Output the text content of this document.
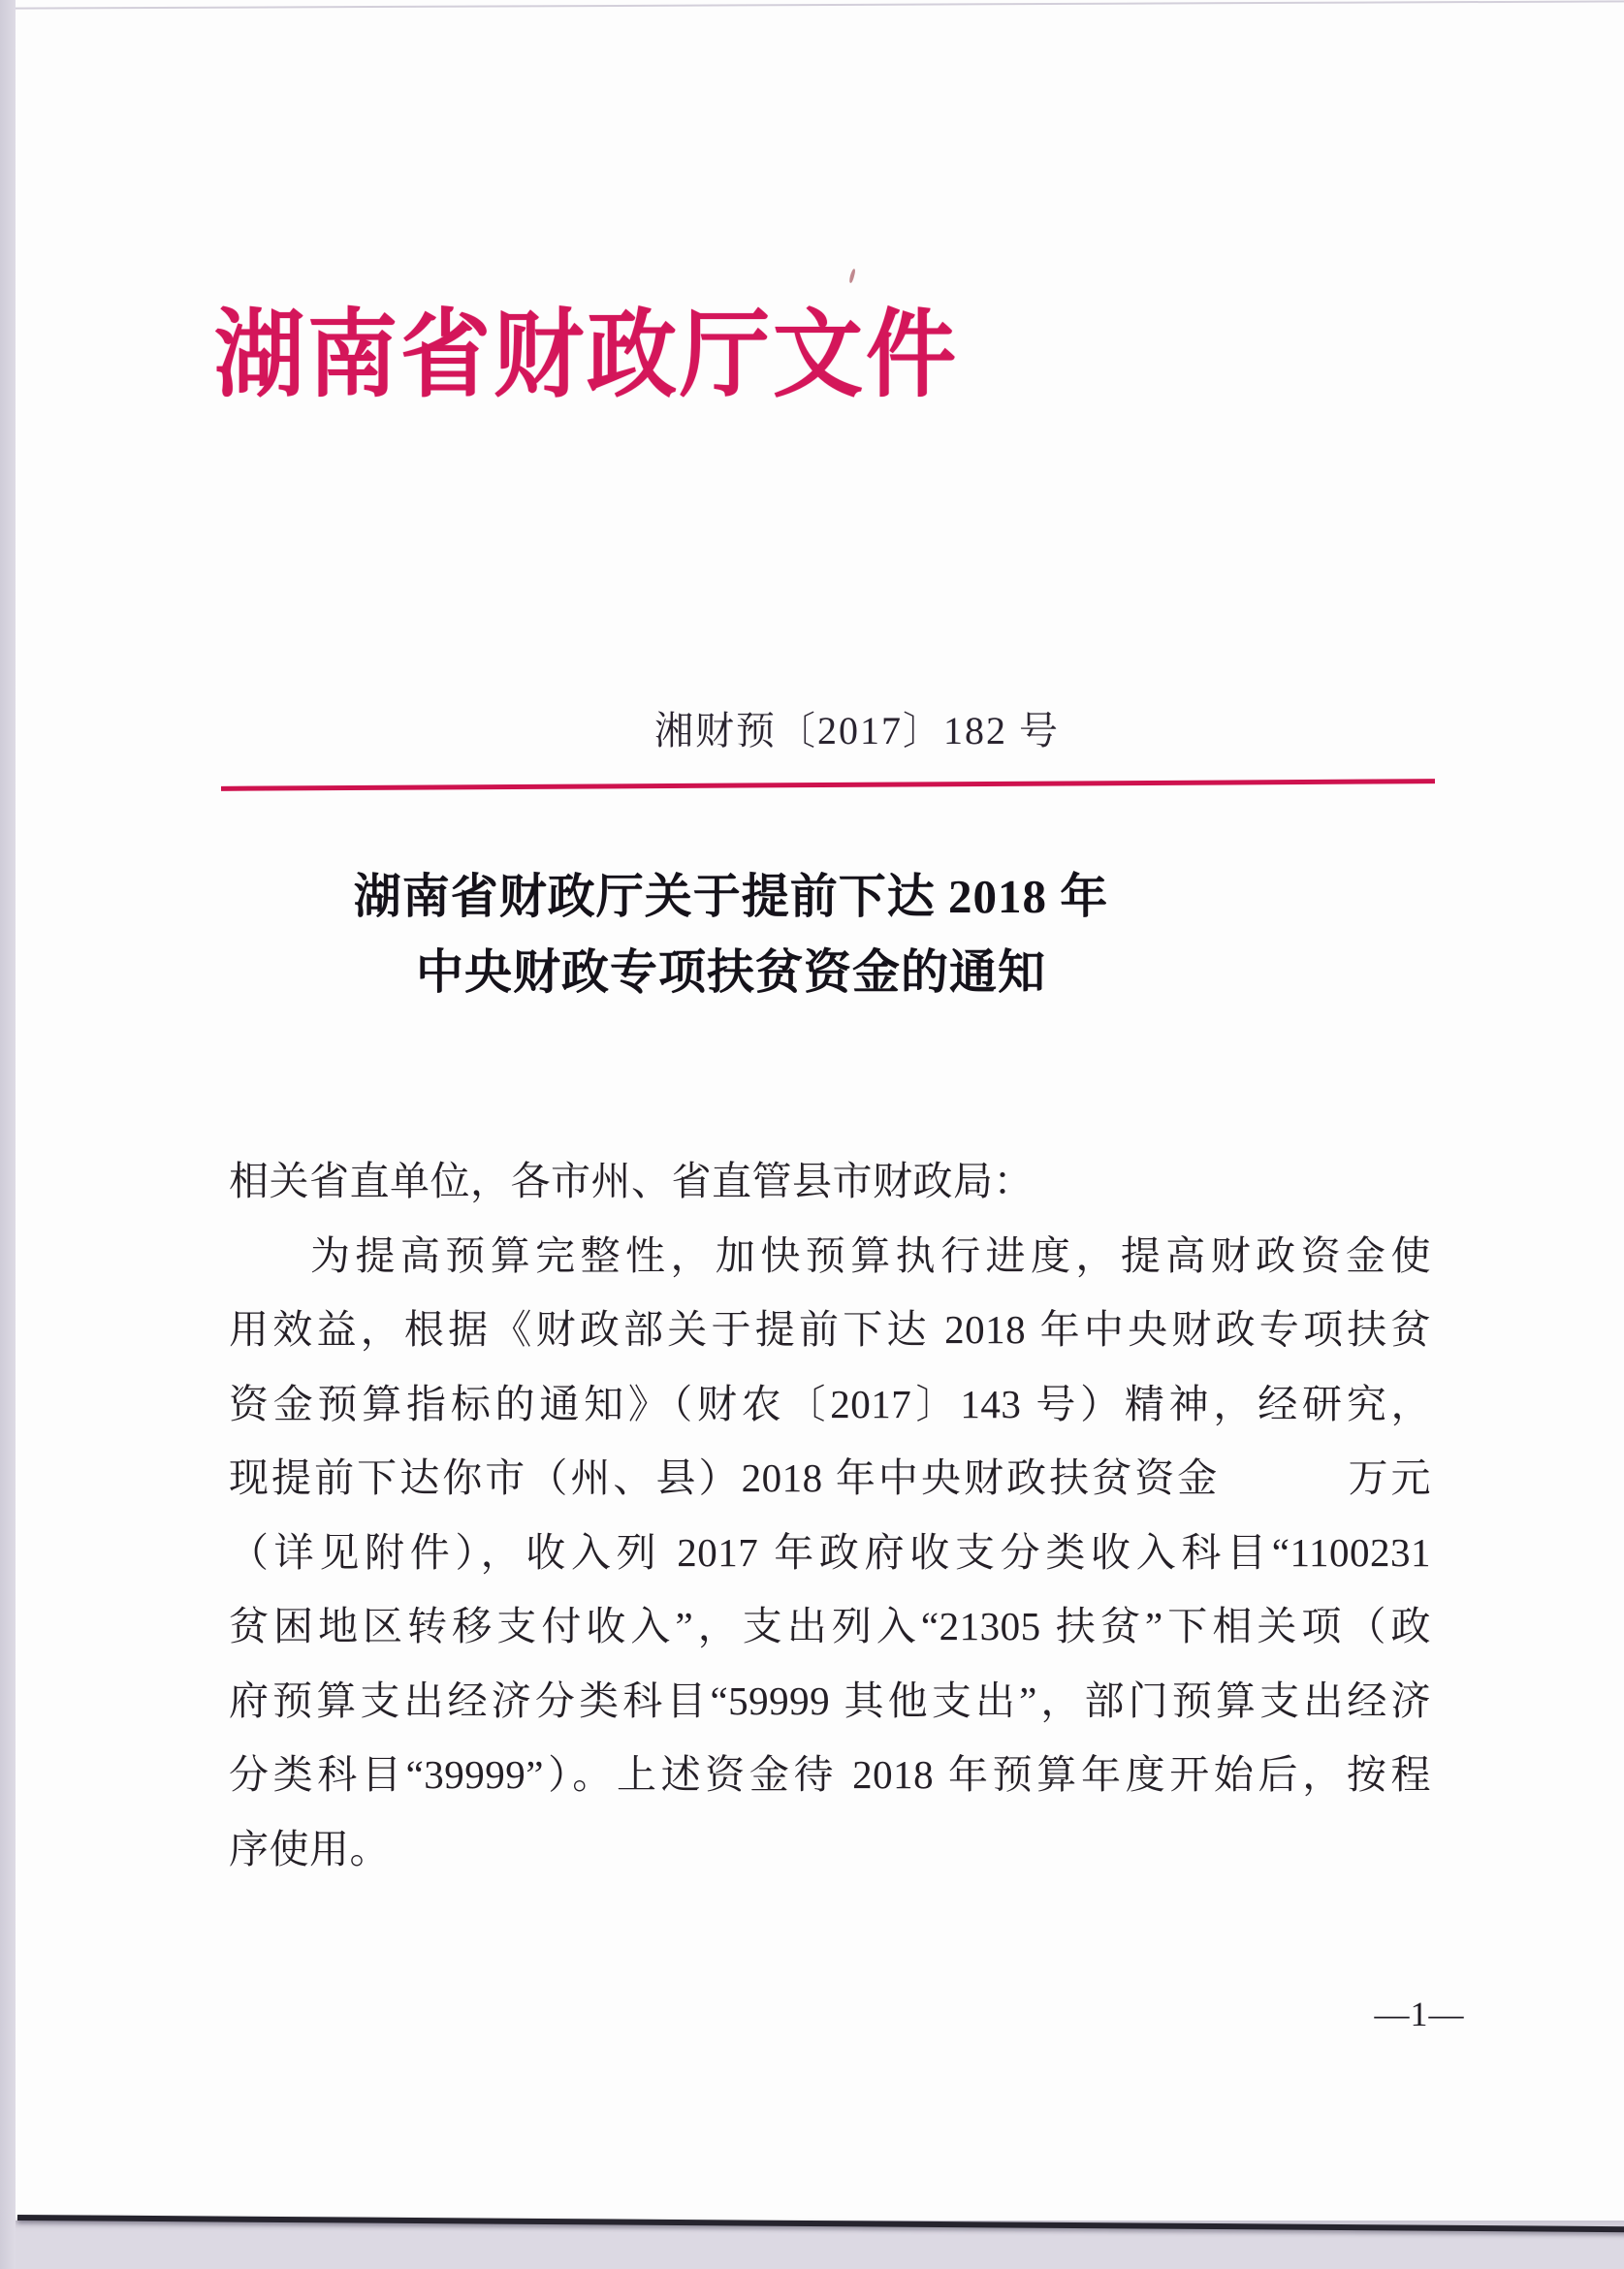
湖南省财政厅文件
湘财预〔2017〕182 号
湖南省财政厅关于提前下达 2018 年
中央财政专项扶贫资金的通知
相关省直单位，各市州、省直管县市财政局：
为提高预算完整性，加快预算执行进度，提高财政资金使
用效益，根据《财政部关于提前下达 2018 年中央财政专项扶贫
资金预算指标的通知》（财农〔2017〕143 号）精神，经研究，
现提前下达你市（州、县）2018 年中央财政扶贫资金　　　万元
（详见附件），收入列 2017 年政府收支分类收入科目“1100231
贫困地区转移支付收入”，支出列入“21305 扶贫”下相关项（政
府预算支出经济分类科目“59999 其他支出”，部门预算支出经济
分类科目“39999”）。上述资金待 2018 年预算年度开始后，按程
序使用。
—1—
